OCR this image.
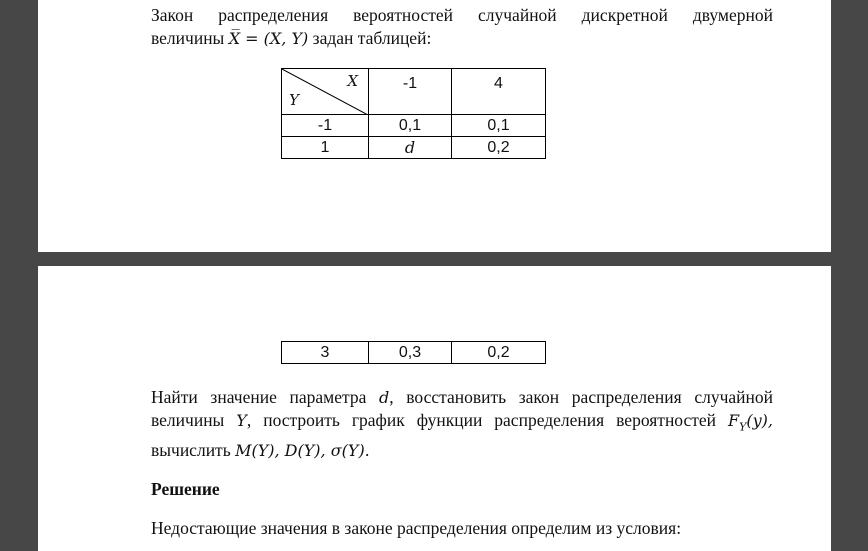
Закон распределения вероятностей случайной дискретной двумерной
величины X̅ = (X, Y) задан таблицей:

X
Y	-1	4
-1	0,1	0,1
1	d	0,2
3	0,3	0,2

Найти значение параметра d, восстановить закон распределения случайной
величины Y, построить график функции распределения вероятностей $F_Y(y)$,
вычислить M(Y), D(Y), σ(Y).

Решение

Недостающие значения в законе распределения определим из условия:
